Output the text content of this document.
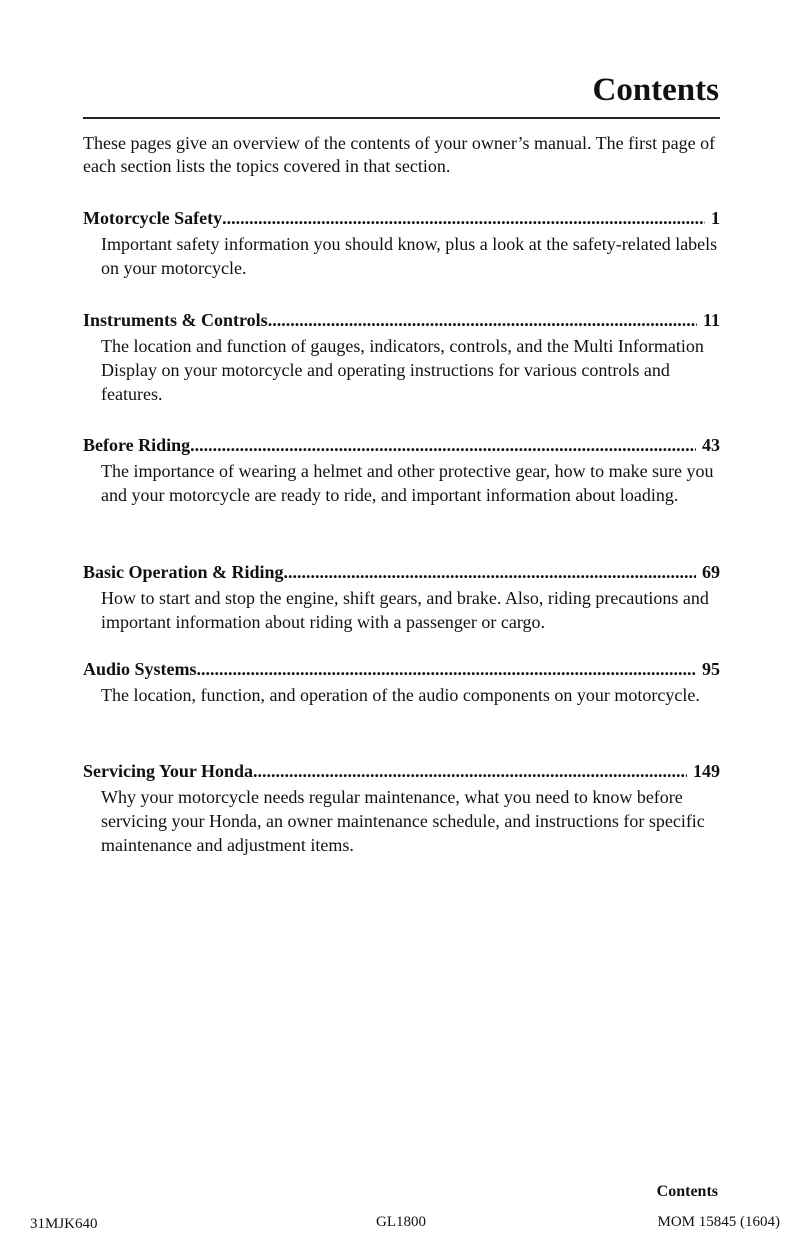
Contents

These pages give an overview of the contents of your owner’s manual. The first page of each section lists the topics covered in that section.

Motorcycle Safety .....	1
Important safety information you should know, plus a look at the safety-related labels on your motorcycle.
Instruments & Controls .....	11
The location and function of gauges, indicators, controls, and the Multi Information Display on your motorcycle and operating instructions for various controls and features.
Before Riding .....	43
The importance of wearing a helmet and other protective gear, how to make sure you and your motorcycle are ready to ride, and important information about loading.
Basic Operation & Riding .....	69
How to start and stop the engine, shift gears, and brake. Also, riding precautions and important information about riding with a passenger or cargo.
Audio Systems .....	95
The location, function, and operation of the audio components on your motorcycle.
Servicing Your Honda .....	149
Why your motorcycle needs regular maintenance, what you need to know before servicing your Honda, an owner maintenance schedule, and instructions for specific maintenance and adjustment items.
Contents
31MJK640	GL1800	MOM 15845 (1604)
